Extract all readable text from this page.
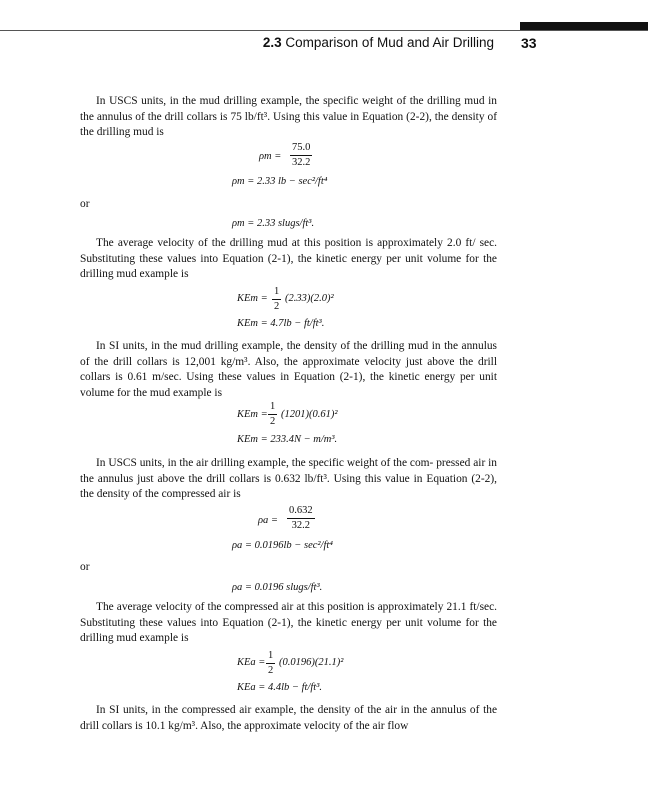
2.3 Comparison of Mud and Air Drilling 33

In USCS units, in the mud drilling example, the specific weight of the drilling mud in the annulus of the drill collars is 75 lb/ft³. Using this value in Equation (2-2), the density of the drilling mud is

$\rho m = \frac{75.0}{32.2}$
ρm = 2.33 lb − sec²/ft⁴
or
ρm = 2.33 slugs/ft³.

The average velocity of the drilling mud at this position is approximately 2.0 ft/ sec. Substituting these values into Equation (2-1), the kinetic energy per unit volume for the drilling mud example is

KEm = $\frac{1}{2} (2.33)(2.0)^2$
KEm = 4.7lb − ft/ft³.

In SI units, in the mud drilling example, the density of the drilling mud in the annulus of the drill collars is 12,001 kg/m³. Also, the approximate velocity just above the drill collars is 0.61 m/sec. Using these values in Equation (2-1), the kinetic energy per unit volume for the mud example is

KEm = $\frac{1}{2} (1201)(0.61)^2$
KEm = 233.4N − m/m³.

In USCS units, in the air drilling example, the specific weight of the com- pressed air in the annulus just above the drill collars is 0.632 lb/ft³. Using this value in Equation (2-2), the density of the compressed air is

$\rho a = \frac{0.632}{32.2}$
ρa = 0.0196lb − sec²/ft⁴
or
ρa = 0.0196 slugs/ft³.

The average velocity of the compressed air at this position is approximately 21.1 ft/sec. Substituting these values into Equation (2-1), the kinetic energy per unit volume for the drilling mud example is

KEa = $\frac{1}{2} (0.0196)(21.1)^2$
KEa = 4.4lb − ft/ft³.

In SI units, in the compressed air example, the density of the air in the annulus of the drill collars is 10.1 kg/m³. Also, the approximate velocity of the air flow
